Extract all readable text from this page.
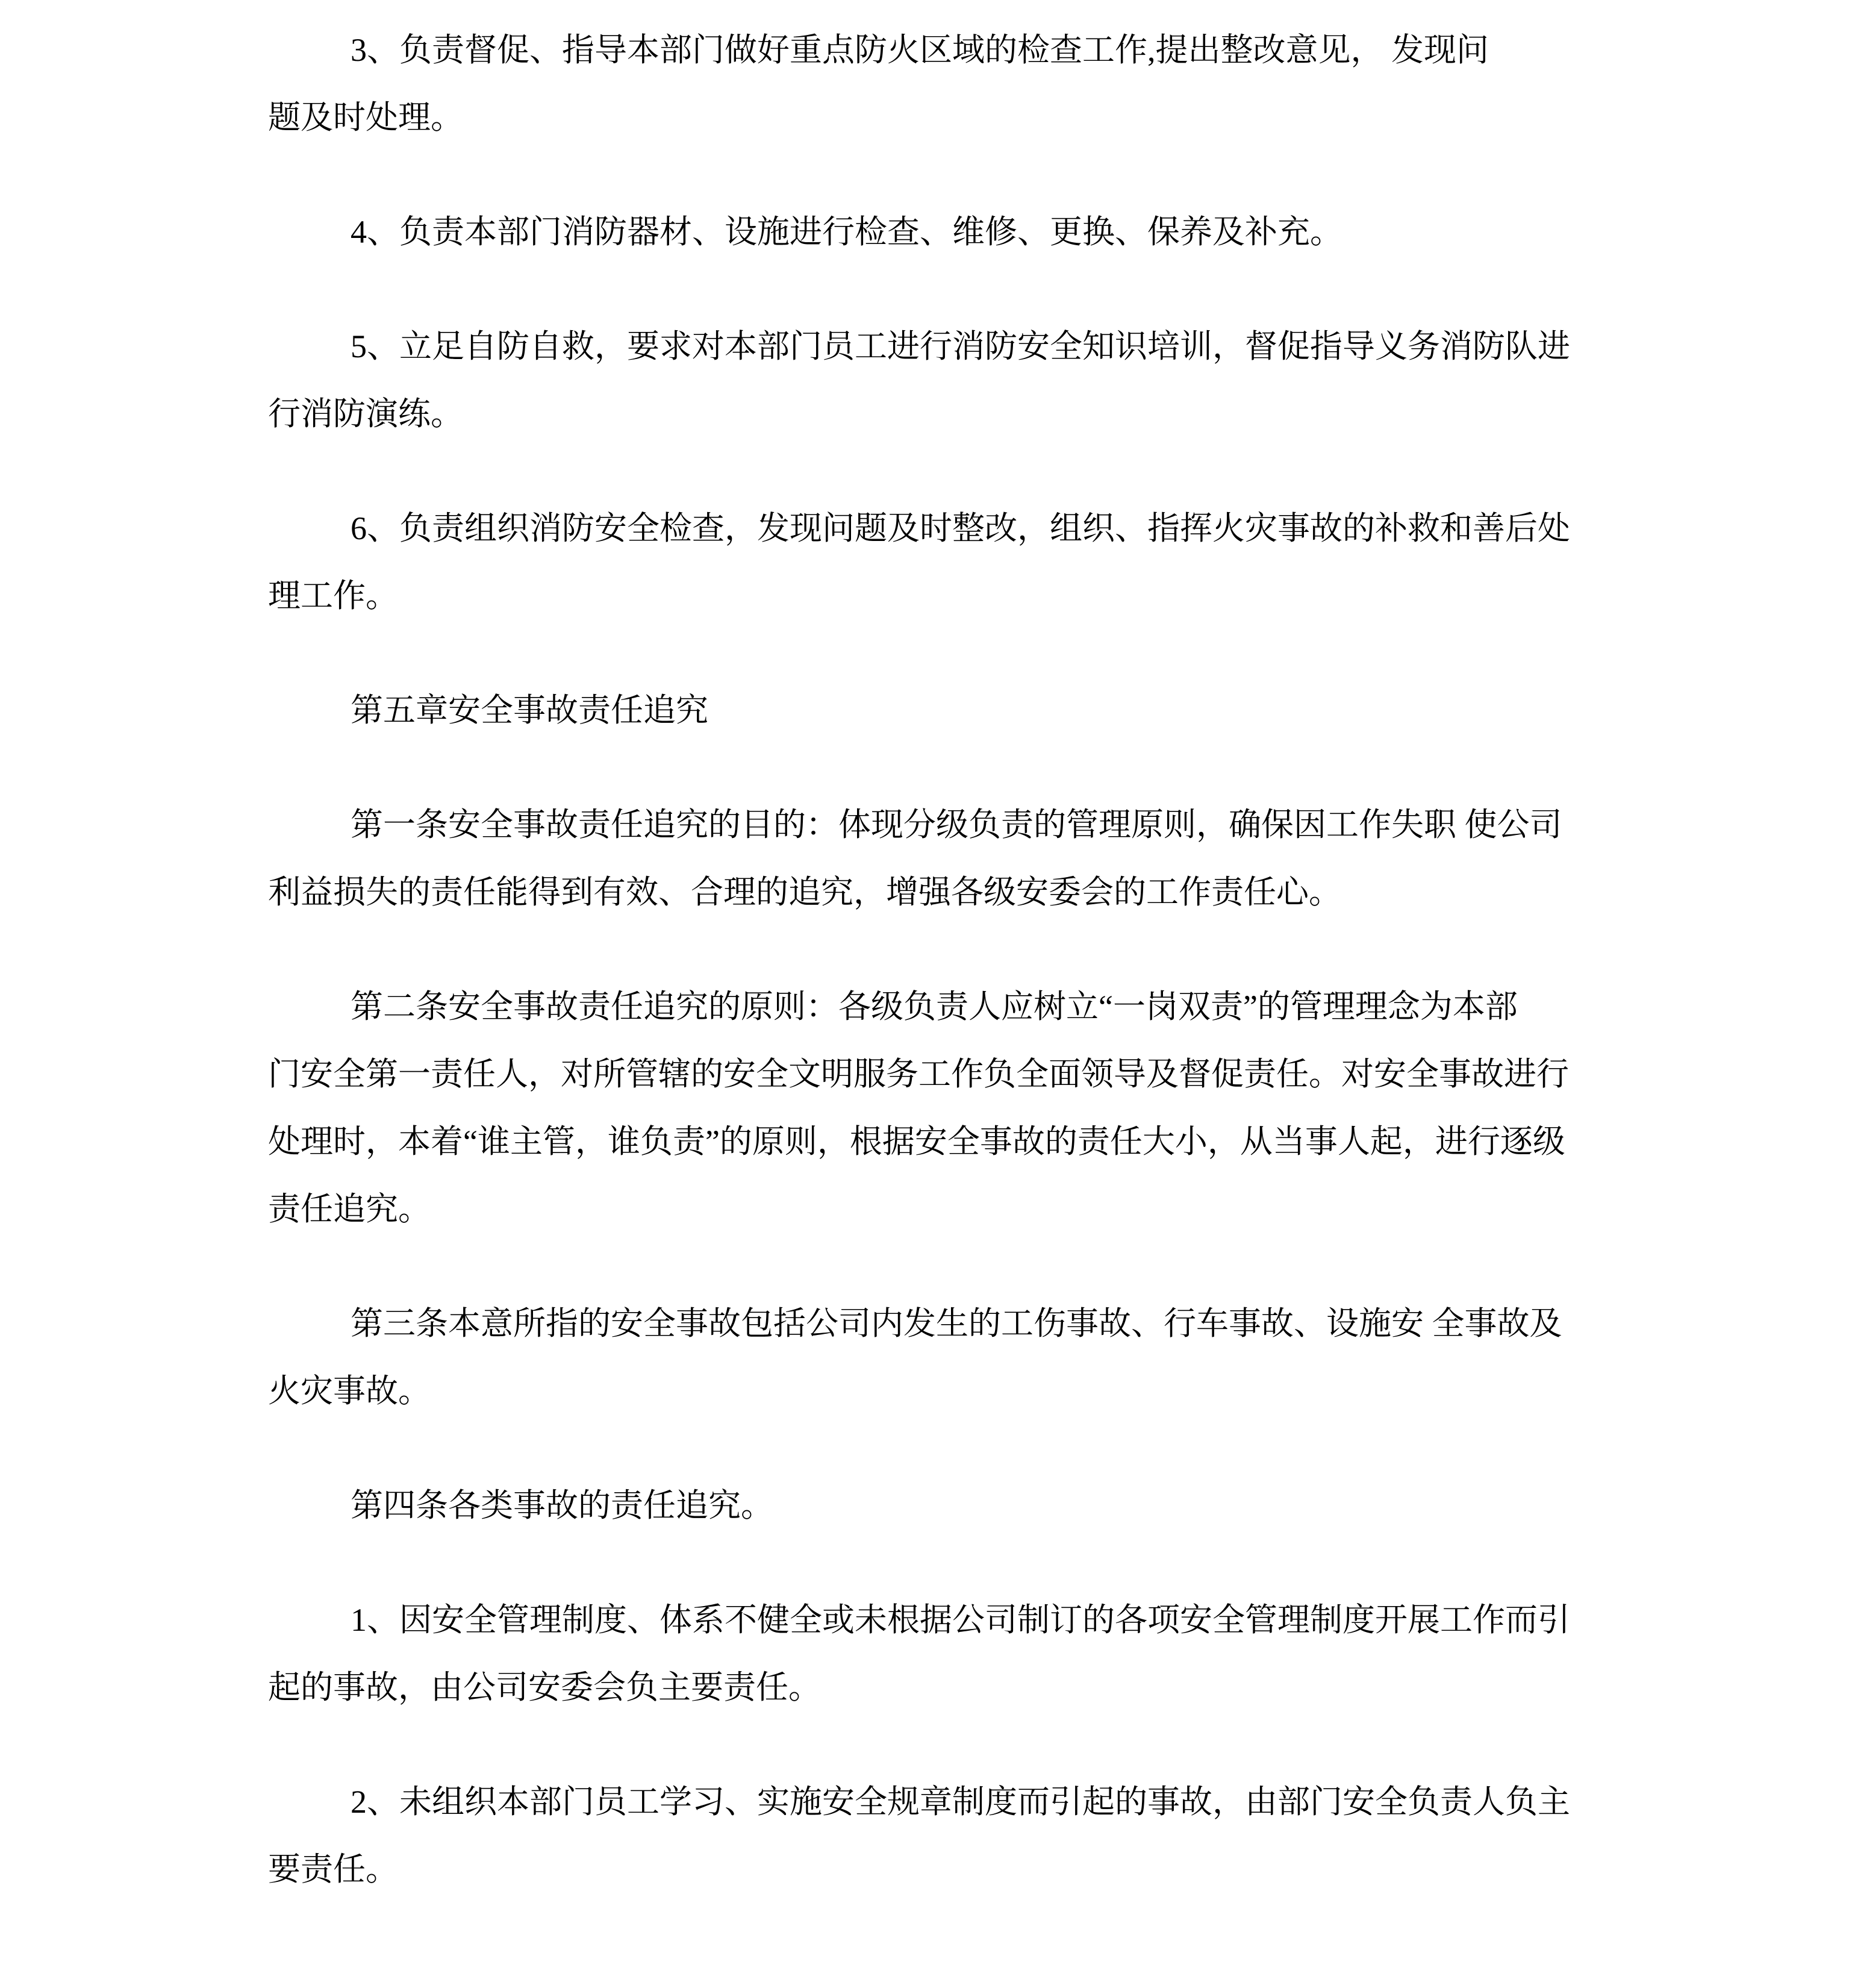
3、负责督促、指导本部门做好重点防火区域的检查工作,提出整改意见， 发现问
题及时处理。
4、负责本部门消防器材、设施进行检查、维修、更换、保养及补充。
5、立足自防自救，要求对本部门员工进行消防安全知识培训，督促指导义务消防队进
行消防演练。
6、负责组织消防安全检查，发现问题及时整改，组织、指挥火灾事故的补救和善后处
理工作。
第五章安全事故责任追究
第一条安全事故责任追究的目的：体现分级负责的管理原则，确保因工作失职 使公司
利益损失的责任能得到有效、合理的追究，增强各级安委会的工作责任心。
第二条安全事故责任追究的原则：各级负责人应树立“一岗双责”的管理理念为本部
门安全第一责任人，对所管辖的安全文明服务工作负全面领导及督促责任。对安全事故进行
处理时，本着“谁主管，谁负责”的原则，根据安全事故的责任大小，从当事人起，进行逐级
责任追究。
第三条本意所指的安全事故包括公司内发生的工伤事故、行车事故、设施安 全事故及
火灾事故。
第四条各类事故的责任追究。
1、因安全管理制度、体系不健全或未根据公司制订的各项安全管理制度开展工作而引
起的事故，由公司安委会负主要责任。
2、未组织本部门员工学习、实施安全规章制度而引起的事故，由部门安全负责人负主
要责任。
